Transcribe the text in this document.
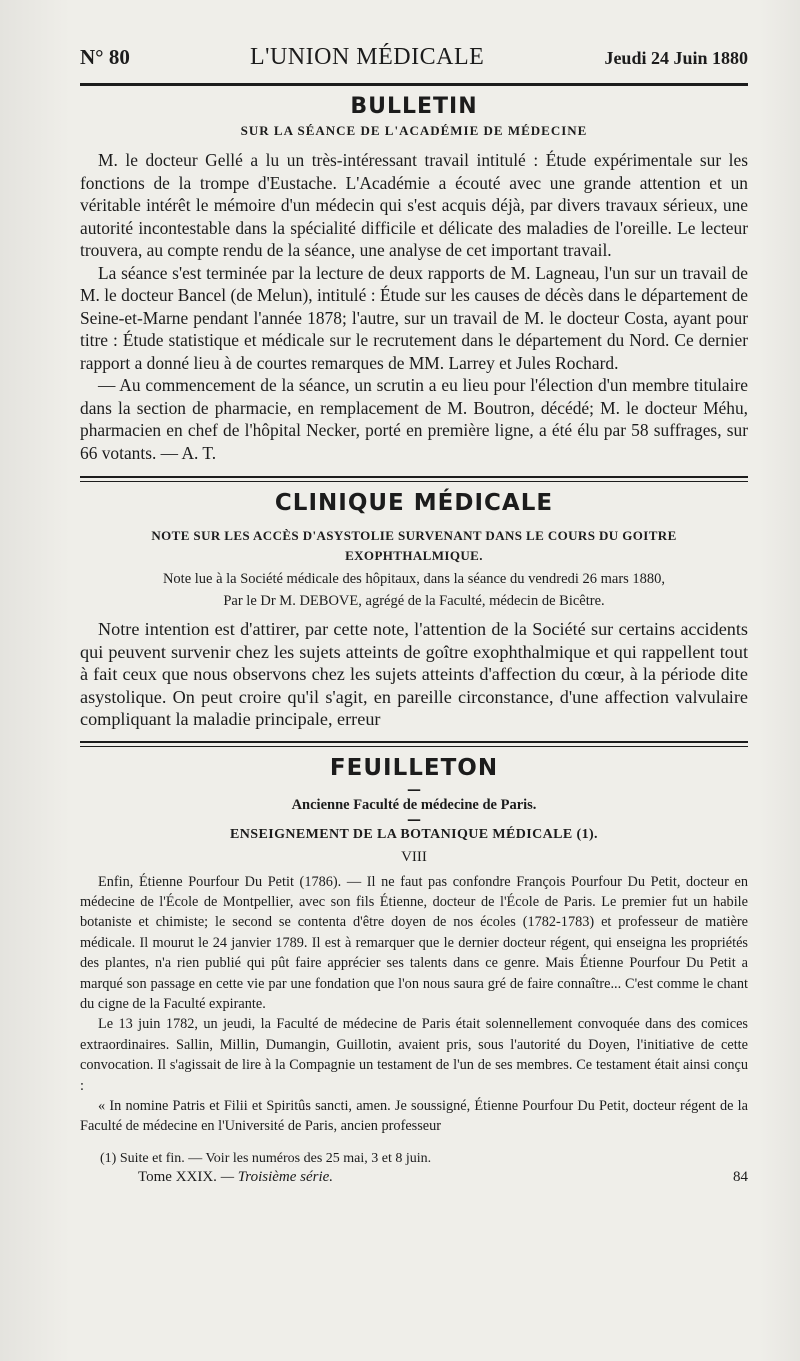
N° 80	L'UNION MÉDICALE	Jeudi 24 Juin 1880
BULLETIN
SUR LA SÉANCE DE L'ACADÉMIE DE MÉDECINE

M. le docteur Gellé a lu un très-intéressant travail intitulé : Étude expérimentale sur les fonctions de la trompe d'Eustache. L'Académie a écouté avec une grande attention et un véritable intérêt le mémoire d'un médecin qui s'est acquis déjà, par divers travaux sérieux, une autorité incontestable dans la spécialité difficile et délicate des maladies de l'oreille. Le lecteur trouvera, au compte rendu de la séance, une analyse de cet important travail.

La séance s'est terminée par la lecture de deux rapports de M. Lagneau, l'un sur un travail de M. le docteur Bancel (de Melun), intitulé : Étude sur les causes de décès dans le département de Seine-et-Marne pendant l'année 1878; l'autre, sur un travail de M. le docteur Costa, ayant pour titre : Étude statistique et médicale sur le recrutement dans le département du Nord. Ce dernier rapport a donné lieu à de courtes remarques de MM. Larrey et Jules Rochard.

— Au commencement de la séance, un scrutin a eu lieu pour l'élection d'un membre titulaire dans la section de pharmacie, en remplacement de M. Boutron, décédé; M. le docteur Méhu, pharmacien en chef de l'hôpital Necker, porté en première ligne, a été élu par 58 suffrages, sur 66 votants. — A. T.

CLINIQUE MÉDICALE
NOTE SUR LES ACCÈS D'ASYSTOLIE SURVENANT DANS LE COURS DU GOITRE EXOPHTHALMIQUE.
Note lue à la Société médicale des hôpitaux, dans la séance du vendredi 26 mars 1880,
Par le Dr M. DEBOVE, agrégé de la Faculté, médecin de Bicêtre.

Notre intention est d'attirer, par cette note, l'attention de la Société sur certains accidents qui peuvent survenir chez les sujets atteints de goître exophthalmique et qui rappellent tout à fait ceux que nous observons chez les sujets atteints d'affection du cœur, à la période dite asystolique. On peut croire qu'il s'agit, en pareille circonstance, d'une affection valvulaire compliquant la maladie principale, erreur

FEUILLETON
—
Ancienne Faculté de médecine de Paris.
—
ENSEIGNEMENT DE LA BOTANIQUE MÉDICALE (1).
VIII

Enfin, Étienne Pourfour Du Petit (1786). — Il ne faut pas confondre François Pourfour Du Petit, docteur en médecine de l'École de Montpellier, avec son fils Étienne, docteur de l'École de Paris. Le premier fut un habile botaniste et chimiste; le second se contenta d'être doyen de nos écoles (1782-1783) et professeur de matière médicale. Il mourut le 24 janvier 1789. Il est à remarquer que le dernier docteur régent, qui enseigna les propriétés des plantes, n'a rien publié qui pût faire apprécier ses talents dans ce genre. Mais Étienne Pourfour Du Petit a marqué son passage en cette vie par une fondation que l'on nous saura gré de faire connaître... C'est comme le chant du cigne de la Faculté expirante.

Le 13 juin 1782, un jeudi, la Faculté de médecine de Paris était solennellement convoquée dans des comices extraordinaires. Sallin, Millin, Dumangin, Guillotin, avaient pris, sous l'autorité du Doyen, l'initiative de cette convocation. Il s'agissait de lire à la Compagnie un testament de l'un de ses membres. Ce testament était ainsi conçu :

« In nomine Patris et Filii et Spiritûs sancti, amen. Je soussigné, Étienne Pourfour Du Petit, docteur régent de la Faculté de médecine en l'Université de Paris, ancien professeur

(1) Suite et fin. — Voir les numéros des 25 mai, 3 et 8 juin.
Tome XXIX. — Troisième série.	84
